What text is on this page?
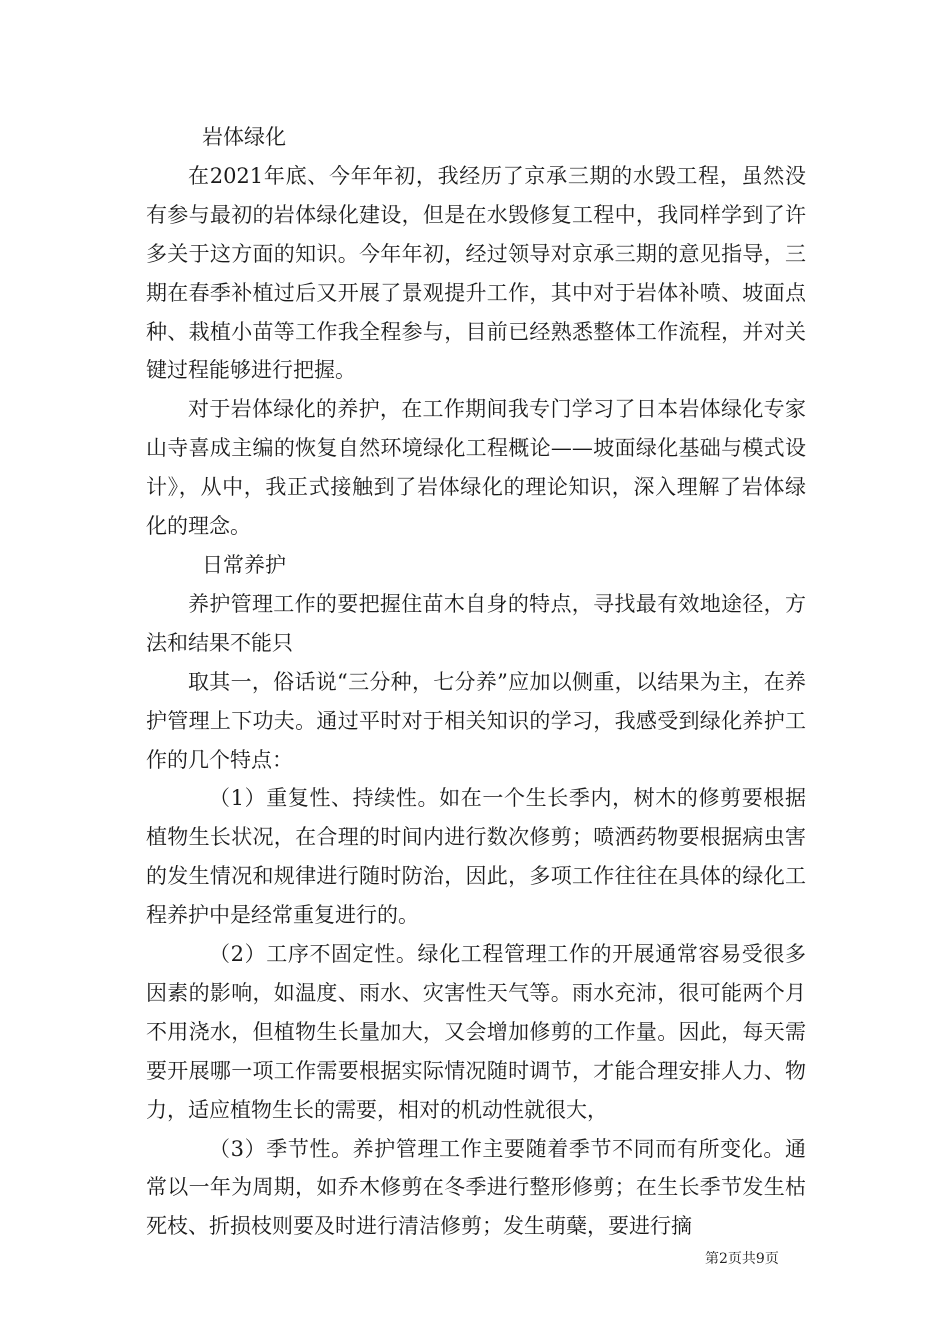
岩体绿化

在2021年底、今年年初，我经历了京承三期的水毁工程，虽然没有参与最初的岩体绿化建设，但是在水毁修复工程中，我同样学到了许多关于这方面的知识。今年年初，经过领导对京承三期的意见指导，三期在春季补植过后又开展了景观提升工作，其中对于岩体补喷、坡面点种、栽植小苗等工作我全程参与，目前已经熟悉整体工作流程，并对关键过程能够进行把握。

对于岩体绿化的养护，在工作期间我专门学习了日本岩体绿化专家山寺喜成主编的恢复自然环境绿化工程概论——坡面绿化基础与模式设计》，从中，我正式接触到了岩体绿化的理论知识，深入理解了岩体绿化的理念。

日常养护

养护管理工作的要把握住苗木自身的特点，寻找最有效地途径，方法和结果不能只

取其一，俗话说“三分种，七分养”应加以侧重，以结果为主，在养护管理上下功夫。通过平时对于相关知识的学习，我感受到绿化养护工作的几个特点：

（1）重复性、持续性。如在一个生长季内，树木的修剪要根据植物生长状况，在合理的时间内进行数次修剪；喷洒药物要根据病虫害的发生情况和规律进行随时防治，因此，多项工作往往在具体的绿化工程养护中是经常重复进行的。

（2）工序不固定性。绿化工程管理工作的开展通常容易受很多因素的影响，如温度、雨水、灾害性天气等。雨水充沛，很可能两个月不用浇水，但植物生长量加大，又会增加修剪的工作量。因此，每天需要开展哪一项工作需要根据实际情况随时调节，才能合理安排人力、物力，适应植物生长的需要，相对的机动性就很大，

（3）季节性。养护管理工作主要随着季节不同而有所变化。通常以一年为周期，如乔木修剪在冬季进行整形修剪；在生长季节发生枯死枝、折损枝则要及时进行清洁修剪；发生萌蘖，要进行摘

第2页共9页
